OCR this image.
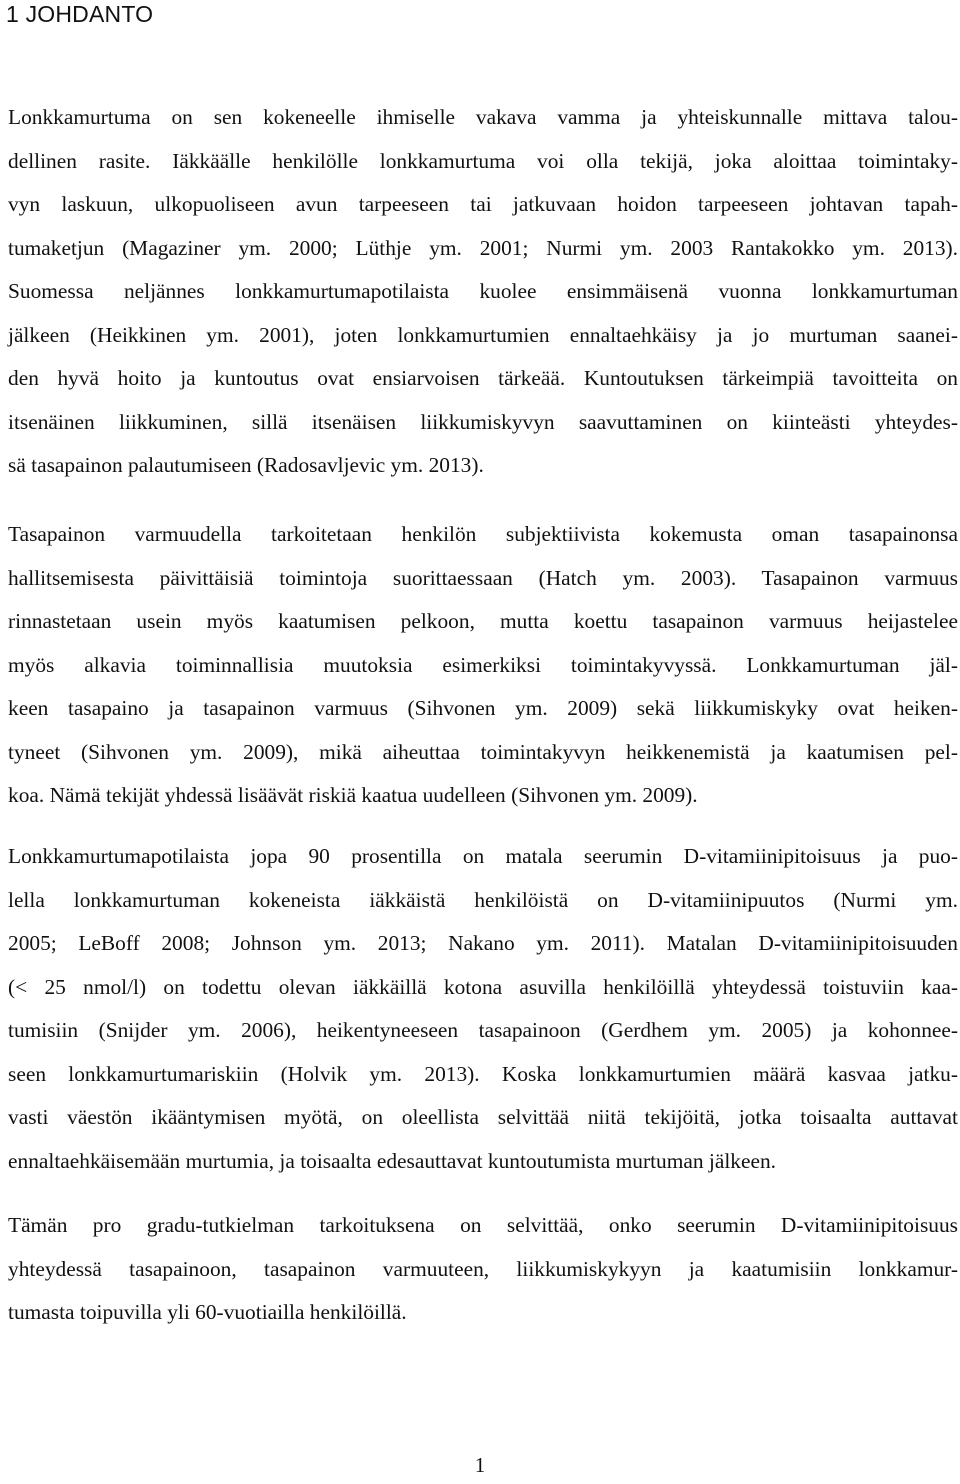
1 JOHDANTO
Lonkkamurtuma on sen kokeneelle ihmiselle vakava vamma ja yhteiskunnalle mittava talou-
dellinen rasite. Iäkkäälle henkilölle lonkkamurtuma voi olla tekijä, joka aloittaa toimintaky-
vyn laskuun, ulkopuoliseen avun tarpeeseen tai jatkuvaan hoidon tarpeeseen johtavan tapah-
tumaketjun (Magaziner ym. 2000; Lüthje ym. 2001; Nurmi ym. 2003 Rantakokko ym. 2013).
Suomessa neljännes lonkkamurtumapotilaista kuolee ensimmäisenä vuonna lonkkamurtuman
jälkeen (Heikkinen ym. 2001), joten lonkkamurtumien ennaltaehkäisy ja jo murtuman saanei-
den hyvä hoito ja kuntoutus ovat ensiarvoisen tärkeää. Kuntoutuksen tärkeimpiä tavoitteita on
itsenäinen liikkuminen, sillä itsenäisen liikkumiskyvyn saavuttaminen on kiinteästi yhteydes-
sä tasapainon palautumiseen (Radosavljevic ym. 2013).
Tasapainon varmuudella tarkoitetaan henkilön subjektiivista kokemusta oman tasapainonsa
hallitsemisesta päivittäisiä toimintoja suorittaessaan (Hatch ym. 2003). Tasapainon varmuus
rinnastetaan usein myös kaatumisen pelkoon, mutta koettu tasapainon varmuus heijastelee
myös alkavia toiminnallisia muutoksia esimerkiksi toimintakyvyssä. Lonkkamurtuman jäl-
keen tasapaino ja tasapainon varmuus (Sihvonen ym. 2009) sekä liikkumiskyky ovat heiken-
tyneet (Sihvonen ym. 2009), mikä aiheuttaa toimintakyvyn heikkenemistä ja kaatumisen pel-
koa. Nämä tekijät yhdessä lisäävät riskiä kaatua uudelleen (Sihvonen ym. 2009).
Lonkkamurtumapotilaista jopa 90 prosentilla on matala seerumin D-vitamiinipitoisuus ja puo-
lella lonkkamurtuman kokeneista iäkkäistä henkilöistä on D-vitamiinipuutos (Nurmi ym.
2005; LeBoff 2008; Johnson ym. 2013; Nakano ym. 2011). Matalan D-vitamiinipitoisuuden
(< 25 nmol/l) on todettu olevan iäkkäillä kotona asuvilla henkilöillä yhteydessä toistuviin kaa-
tumisiin (Snijder ym. 2006), heikentyneeseen tasapainoon (Gerdhem ym. 2005) ja kohonnee-
seen lonkkamurtumariskiin (Holvik ym. 2013). Koska lonkkamurtumien määrä kasvaa jatku-
vasti väestön ikääntymisen myötä, on oleellista selvittää niitä tekijöitä, jotka toisaalta auttavat
ennaltaehkäisemään murtumia, ja toisaalta edesauttavat kuntoutumista murtuman jälkeen.
Tämän pro gradu-tutkielman tarkoituksena on selvittää, onko seerumin D-vitamiinipitoisuus
yhteydessä tasapainoon, tasapainon varmuuteen, liikkumiskykyyn ja kaatumisiin lonkkamur-
tumasta toipuvilla yli 60-vuotiailla henkilöillä.
1
